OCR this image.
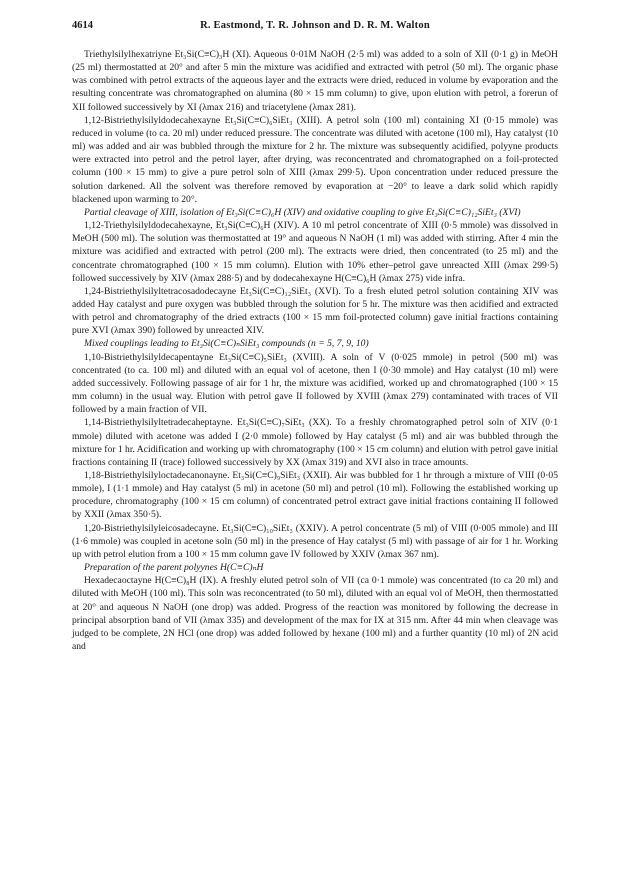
4614	R. Eastmond, T. R. Johnson and D. R. M. Walton

Triethylsilylhexatriyne Et₃Si(C≡C)₃H (XI). Aqueous 0·01M NaOH (2·5 ml) was added to a soln of XII (0·1 g) in MeOH (25 ml) thermostatted at 20° and after 5 min the mixture was acidified and extracted with petrol (50 ml). The organic phase was combined with petrol extracts of the aqueous layer and the extracts were dried, reduced in volume by evaporation and the resulting concentrate was chromatographed on alumina (80 × 15 mm column) to give, upon elution with petrol, a forerun of XII followed successively by XI (λmax 216) and triacetylene (λmax 281).

1,12-Bistriethylsilyldodecahexayne Et₃Si(C≡C)₆SiEt₃ (XIII). A petrol soln (100 ml) containing XI (0·15 mmole) was reduced in volume (to ca. 20 ml) under reduced pressure. The concentrate was diluted with acetone (100 ml), Hay catalyst (10 ml) was added and air was bubbled through the mixture for 2 hr. The mixture was subsequently acidified, polyyne products were extracted into petrol and the petrol layer, after drying, was reconcentrated and chromatographed on a foil-protected column (100 × 15 mm) to give a pure petrol soln of XIII (λmax 299·5). Upon concentration under reduced pressure the solution darkened. All the solvent was therefore removed by evaporation at −20° to leave a dark solid which rapidly blackened upon warming to 20°.

Partial cleavage of XIII, isolation of Et₃Si(C≡C)₆H (XIV) and oxidative coupling to give Et₃Si(C≡C)₁₂SiEt₃ (XVI)

1,12-Triethylsilyldodecahexayne, Et₃Si(C≡C)₆H (XIV). A 10 ml petrol concentrate of XIII (0·5 mmole) was dissolved in MeOH (500 ml). The solution was thermostatted at 19° and aqueous N NaOH (1 ml) was added with stirring. After 4 min the mixture was acidified and extracted with petrol (200 ml). The extracts were dried, then concentrated (to 25 ml) and the concentrate chromatographed (100 × 15 mm column). Elution with 10% ether–petrol gave unreacted XIII (λmax 299·5) followed successively by XIV (λmax 288·5) and by dodecahexayne H(C≡C)₆H (λmax 275) vide infra.

1,24-Bistriethylsilyltetracosadodecayne Et₃Si(C≡C)₁₂SiEt₃ (XVI). To a fresh eluted petrol solution containing XIV was added Hay catalyst and pure oxygen was bubbled through the solution for 5 hr. The mixture was then acidified and extracted with petrol and chromatography of the dried extracts (100 × 15 mm foil-protected column) gave initial fractions containing pure XVI (λmax 390) followed by unreacted XIV.

Mixed couplings leading to Et₃Si(C≡C)ₙSiEt₃ compounds (n = 5, 7, 9, 10)

1,10-Bistriethylsilyldecapentayne Et₃Si(C≡C)₅SiEt₃ (XVIII). A soln of V (0·025 mmole) in petrol (500 ml) was concentrated (to ca. 100 ml) and diluted with an equal vol of acetone, then I (0·30 mmole) and Hay catalyst (10 ml) were added successively. Following passage of air for 1 hr, the mixture was acidified, worked up and chromatographed (100 × 15 mm column) in the usual way. Elution with petrol gave II followed by XVIII (λmax 279) contaminated with traces of VII followed by a main fraction of VII.

1,14-Bistriethylsilyltetradecaheptayne. Et₃Si(C≡C)₇SiEt₃ (XX). To a freshly chromatographed petrol soln of XIV (0·1 mmole) diluted with acetone was added I (2·0 mmole) followed by Hay catalyst (5 ml) and air was bubbled through the mixture for 1 hr. Acidification and working up with chromatography (100 × 15 cm column) and elution with petrol gave initial fractions containing II (trace) followed successively by XX (λmax 319) and XVI also in trace amounts.

1,18-Bistriethylsilyloctadecanonayne. Et₃Si(C≡C)₉SiEt₃ (XXII). Air was bubbled for 1 hr through a mixture of VIII (0·05 mmole), I (1·1 mmole) and Hay catalyst (5 ml) in acetone (50 ml) and petrol (10 ml). Following the established working up procedure, chromatography (100 × 15 cm column) of concentrated petrol extract gave initial fractions containing II followed by XXII (λmax 350·5).

1,20-Bistriethylsilyleicosadecayne. Et₃Si(C≡C)₁₀SiEt₃ (XXIV). A petrol concentrate (5 ml) of VIII (0·005 mmole) and III (1·6 mmole) was coupled in acetone soln (50 ml) in the presence of Hay catalyst (5 ml) with passage of air for 1 hr. Working up with petrol elution from a 100 × 15 mm column gave IV followed by XXIV (λmax 367 nm).

Preparation of the parent polyynes H(C≡C)ₙH

Hexadecaoctayne H(C≡C)₈H (IX). A freshly eluted petrol soln of VII (ca 0·1 mmole) was concentrated (to ca 20 ml) and diluted with MeOH (100 ml). This soln was reconcentrated (to 50 ml), diluted with an equal vol of MeOH, then thermostatted at 20° and aqueous N NaOH (one drop) was added. Progress of the reaction was monitored by following the decrease in principal absorption band of VII (λmax 335) and development of the max for IX at 315 nm. After 44 min when cleavage was judged to be complete, 2N HCl (one drop) was added followed by hexane (100 ml) and a further quantity (10 ml) of 2N acid and
